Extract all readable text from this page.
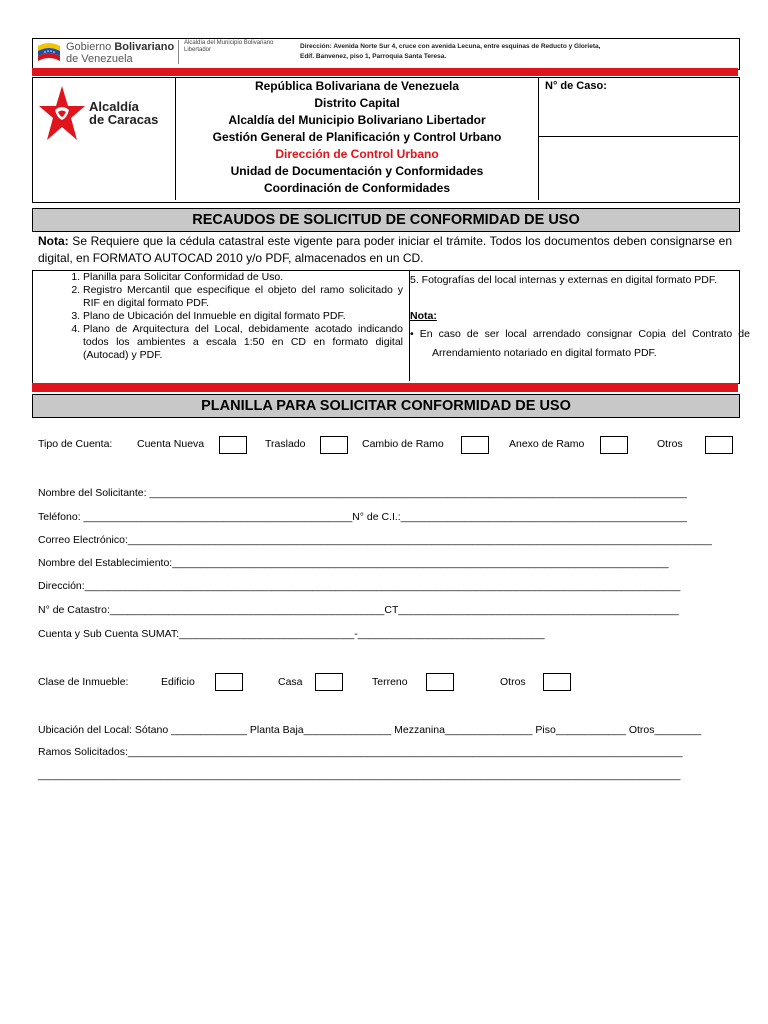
Gobierno Bolivariano
de Venezuela
Alcaldía del Municipio Bolivariano Libertador	Dirección: Avenida Norte Sur 4, cruce con avenida Lecuna, entre esquinas de Reducto y Glorieta,
Edif. Banvenez, piso 1, Parroquia Santa Teresa.
Alcaldía
de Caracas
República Bolivariana de Venezuela
Distrito Capital
Alcaldía del Municipio Bolivariano Libertador
Gestión General de Planificación y Control Urbano
Dirección de Control Urbano
Unidad de Documentación y Conformidades
Coordinación de Conformidades
N° de Caso:
RECAUDOS DE SOLICITUD DE CONFORMIDAD DE USO
Nota: Se Requiere que la cédula catastral este vigente para poder iniciar el trámite. Todos los documentos deben consignarse en digital, en FORMATO AUTOCAD 2010 y/o PDF, almacenados en un CD.
1. Planilla para Solicitar Conformidad de Uso.
2. Registro Mercantil que especifique el objeto del ramo solicitado y RIF en digital formato PDF.
3. Plano de Ubicación del Inmueble en digital formato PDF.
4. Plano de Arquitectura del Local, debidamente acotado indicando todos los ambientes a escala 1:50 en CD en formato digital (Autocad) y PDF.
5. Fotografías del local internas y externas en digital formato PDF.
Nota:
• En caso de ser local arrendado consignar Copia del Contrato de Arrendamiento notariado en digital formato PDF.
PLANILLA PARA SOLICITAR CONFORMIDAD DE USO
Tipo de Cuenta: Cuenta Nueva	Traslado	Cambio de Ramo	Anexo de Ramo	Otros
Nombre del Solicitante: ____________________________________________________________________________________________
Teléfono: ______________________________________________N° de C.I.:_________________________________________________
Correo Electrónico:____________________________________________________________________________________________________
Nombre del Establecimiento:_____________________________________________________________________________________
Dirección:______________________________________________________________________________________________________
N° de Catastro:_______________________________________________CT________________________________________________
Cuenta y Sub Cuenta SUMAT:______________________________-________________________________
Clase de Inmueble:	Edificio	Casa	Terreno	Otros
Ubicación del Local: Sótano _____________ Planta Baja_______________ Mezzanina_______________ Piso____________ Otros________
Ramos Solicitados:_______________________________________________________________________________________________
______________________________________________________________________________________________________________
